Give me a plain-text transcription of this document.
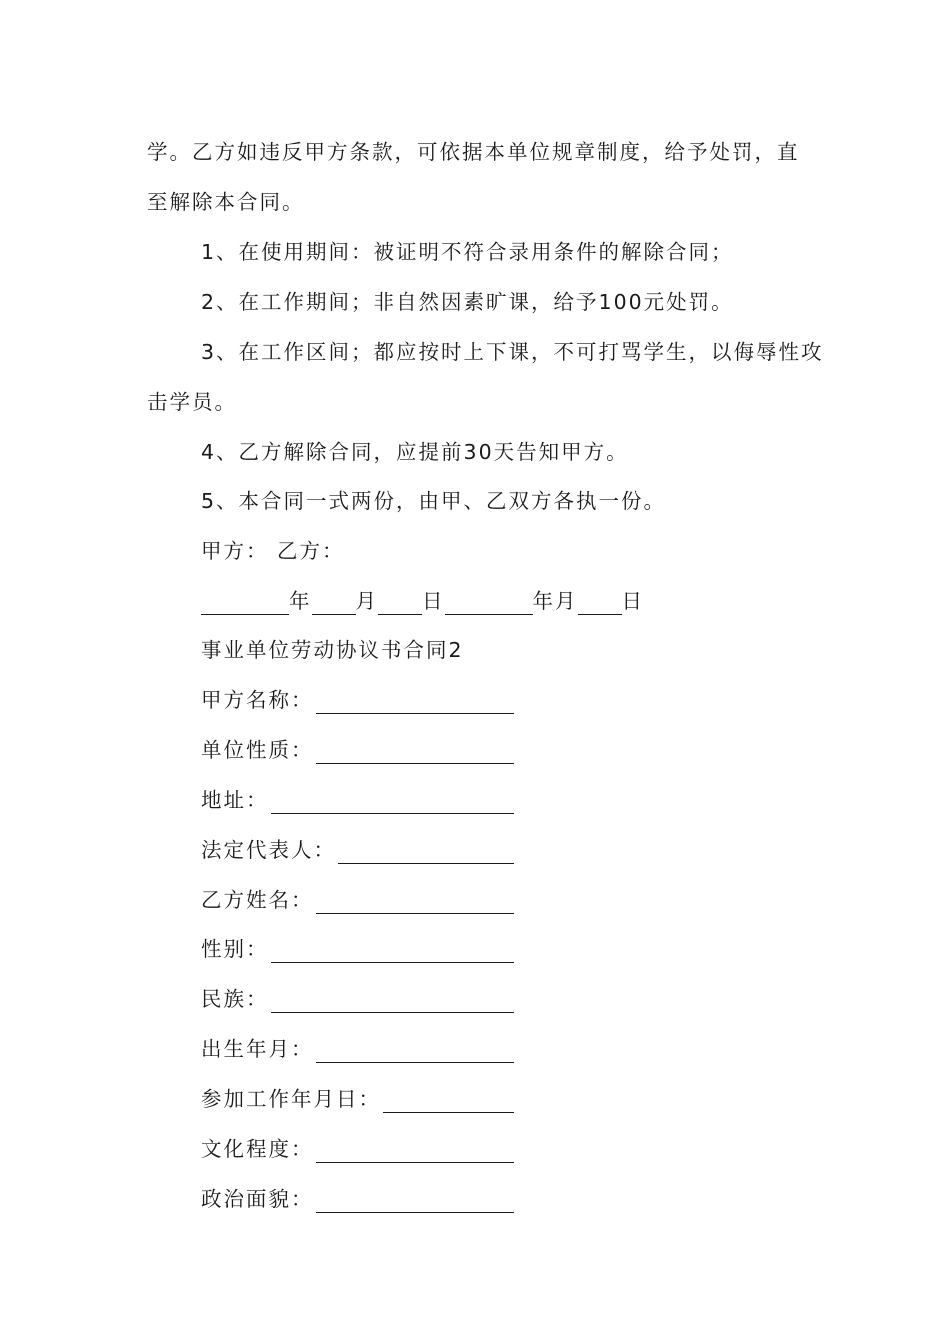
学。乙方如违反甲方条款，可依据本单位规章制度，给予处罚，直
至解除本合同。
1、在使用期间：被证明不符合录用条件的解除合同；
2、在工作期间；非自然因素旷课，给予100元处罚。
3、在工作区间；都应按时上下课，不可打骂学生，以侮辱性攻
击学员。
4、乙方解除合同，应提前30天告知甲方。
5、本合同一式两份，由甲、乙双方各执一份。
甲方： 乙方：
年 月 日	年 月 日
事业单位劳动协议书合同2
甲方名称：
单位性质：
地址：
法定代表人：
乙方姓名：
性别：
民族：
出生年月：
参加工作年月日：
文化程度：
政治面貌：
